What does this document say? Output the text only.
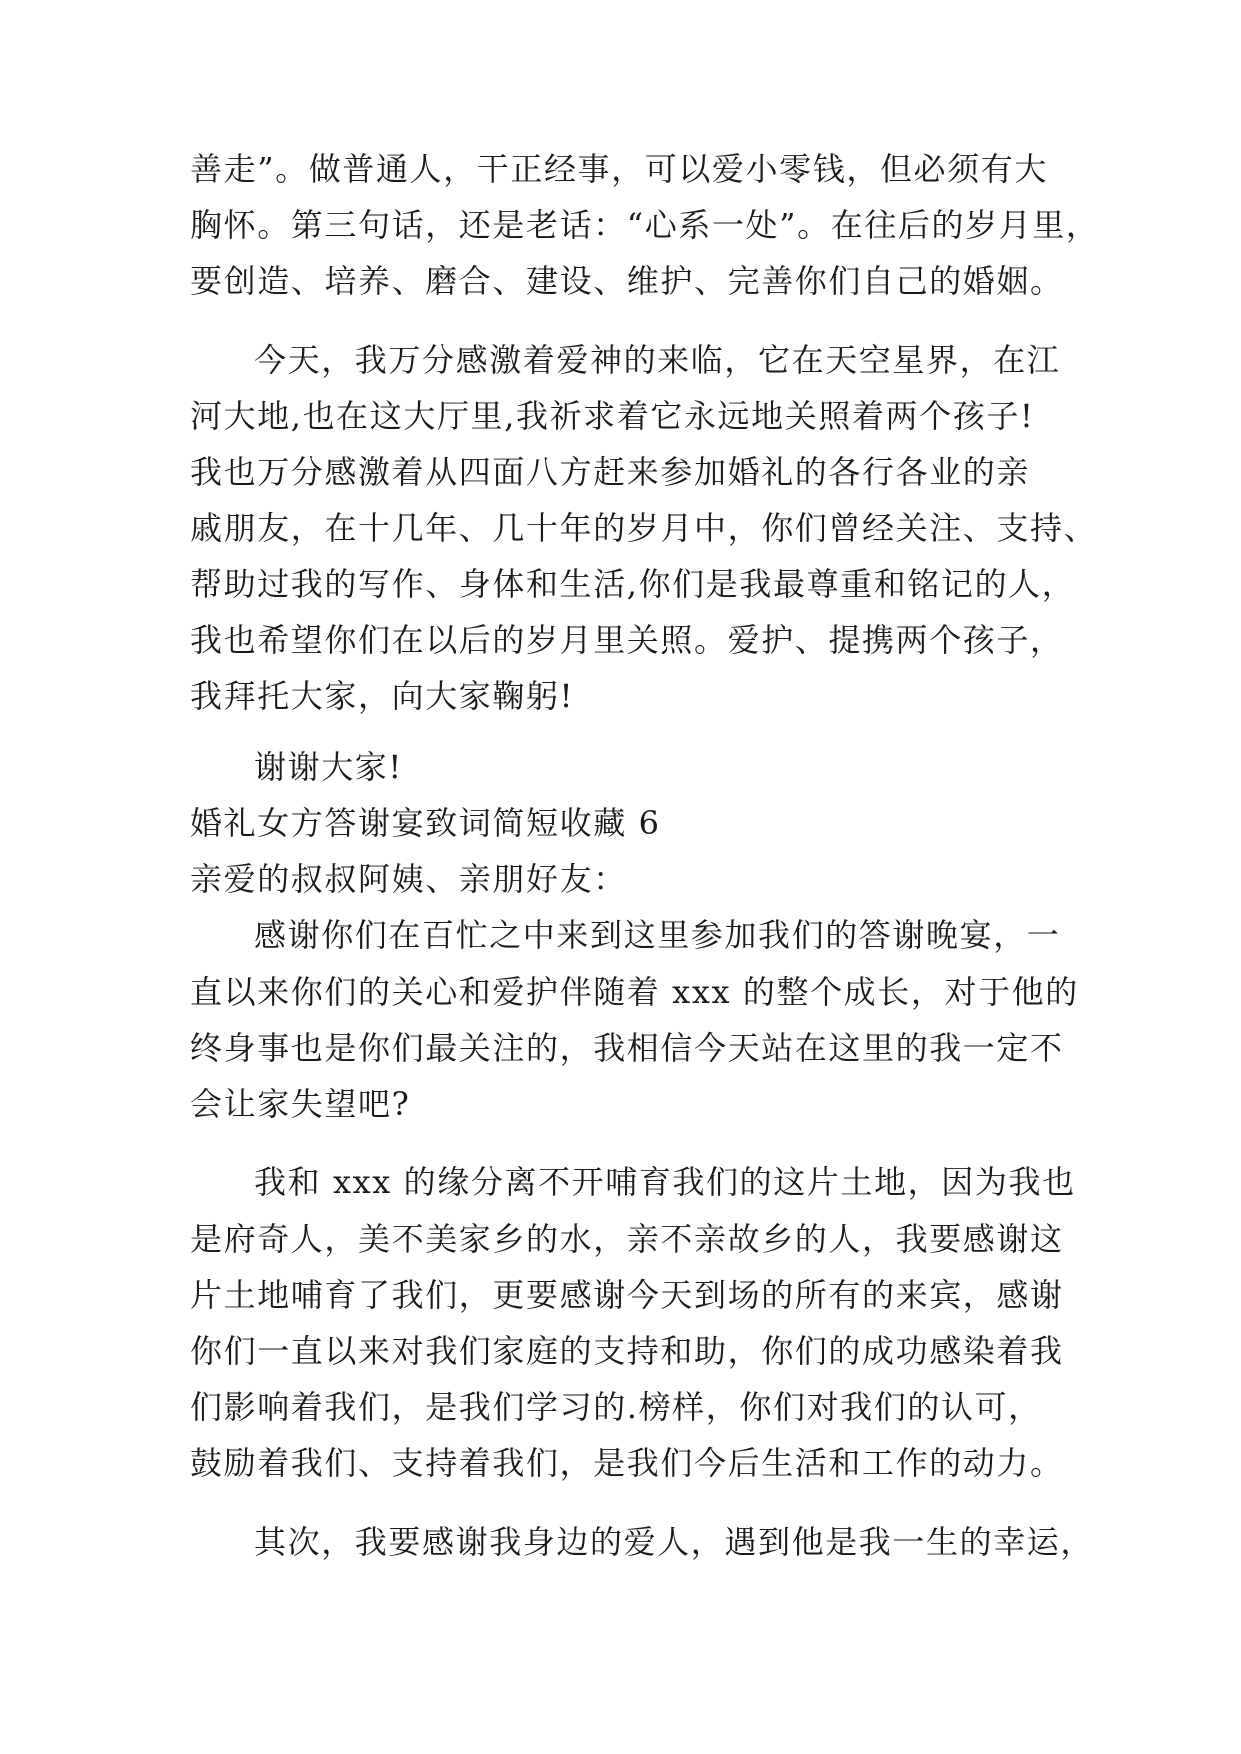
善走”。做普通人，干正经事，可以爱小零钱，但必须有大

胸怀。第三句话，还是老话：“心系一处”。在往后的岁月里，

要创造、培养、磨合、建设、维护、完善你们自己的婚姻。

今天，我万分感激着爱神的来临，它在天空星界，在江

河大地,也在这大厅里,我祈求着它永远地关照着两个孩子!

我也万分感激着从四面八方赶来参加婚礼的各行各业的亲

戚朋友，在十几年、几十年的岁月中，你们曾经关注、支持、

帮助过我的写作、身体和生活,你们是我最尊重和铭记的人，

我也希望你们在以后的岁月里关照。爱护、提携两个孩子，

我拜托大家，向大家鞠躬!

谢谢大家!

婚礼女方答谢宴致词简短收藏 6

亲爱的叔叔阿姨、亲朋好友：

感谢你们在百忙之中来到这里参加我们的答谢晚宴，一

直以来你们的关心和爱护伴随着 xxx 的整个成长，对于他的

终身事也是你们最关注的，我相信今天站在这里的我一定不

会让家失望吧?

我和 xxx 的缘分离不开哺育我们的这片土地，因为我也

是府奇人，美不美家乡的水，亲不亲故乡的人，我要感谢这

片土地哺育了我们，更要感谢今天到场的所有的来宾，感谢

你们一直以来对我们家庭的支持和助，你们的成功感染着我

们影响着我们，是我们学习的.榜样，你们对我们的认可，

鼓励着我们、支持着我们，是我们今后生活和工作的动力。

其次，我要感谢我身边的爱人，遇到他是我一生的幸运，
